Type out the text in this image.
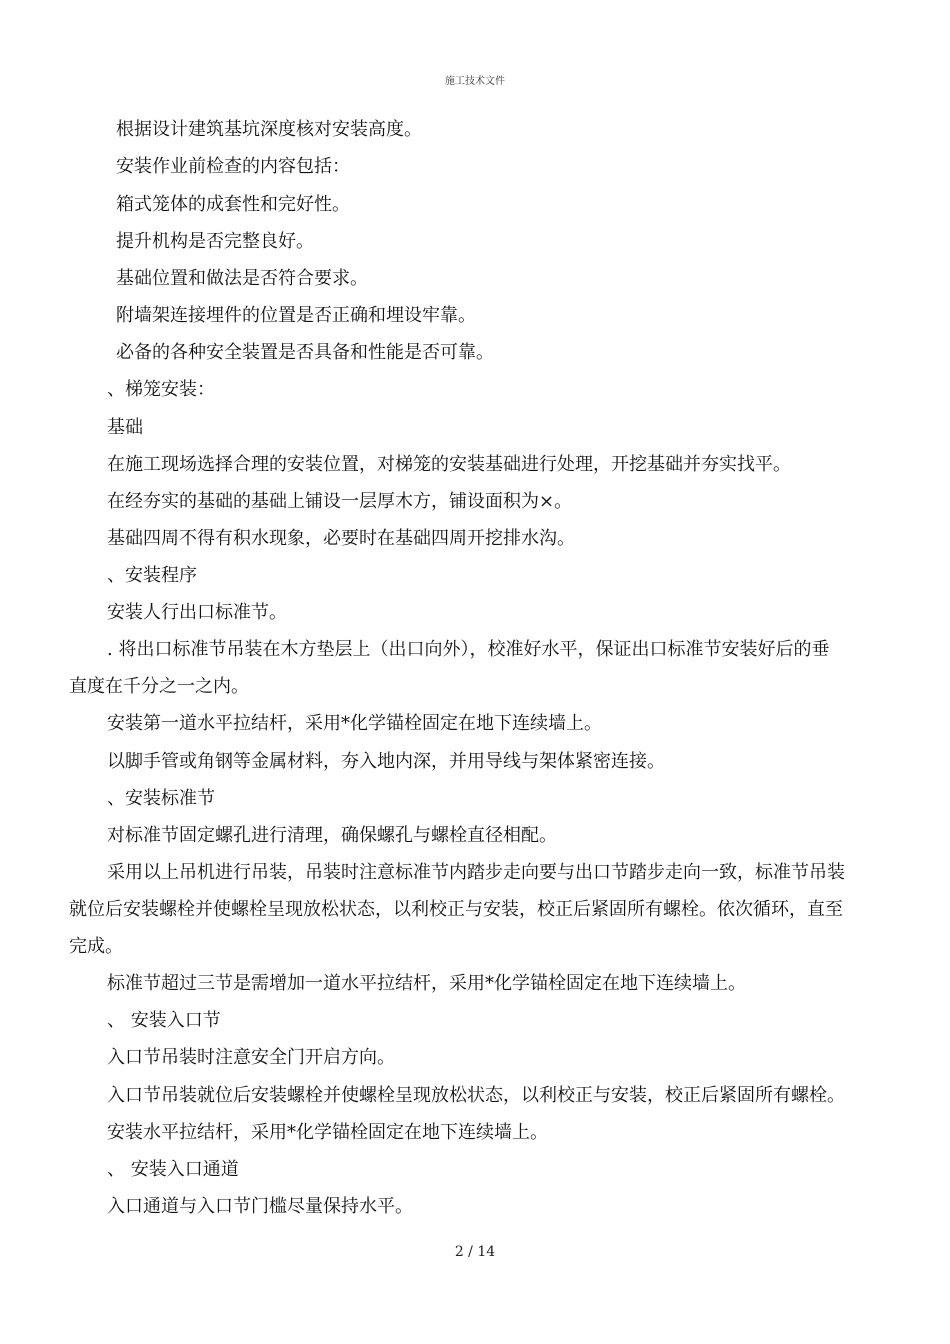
施工技术文件
根据设计建筑基坑深度核对安装高度。
安装作业前检查的内容包括：
箱式笼体的成套性和完好性。
提升机构是否完整良好。
基础位置和做法是否符合要求。
附墙架连接埋件的位置是否正确和埋设牢靠。
必备的各种安全装置是否具备和性能是否可靠。
、梯笼安装：
基础
在施工现场选择合理的安装位置，对梯笼的安装基础进行处理，开挖基础并夯实找平。
在经夯实的基础的基础上铺设一层厚木方，铺设面积为×。
基础四周不得有积水现象，必要时在基础四周开挖排水沟。
、安装程序
安装人行出口标准节。
. 将出口标准节吊装在木方垫层上（出口向外），校准好水平，保证出口标准节安装好后的垂
直度在千分之一之内。
安装第一道水平拉结杆，采用*化学锚栓固定在地下连续墙上。
以脚手管或角钢等金属材料，夯入地内深，并用导线与架体紧密连接。
、安装标准节
对标准节固定螺孔进行清理，确保螺孔与螺栓直径相配。
采用以上吊机进行吊装，吊装时注意标准节内踏步走向要与出口节踏步走向一致，标准节吊装
就位后安装螺栓并使螺栓呈现放松状态，以利校正与安装，校正后紧固所有螺栓。依次循环，直至
完成。
标准节超过三节是需增加一道水平拉结杆，采用*化学锚栓固定在地下连续墙上。
、 安装入口节
入口节吊装时注意安全门开启方向。
入口节吊装就位后安装螺栓并使螺栓呈现放松状态，以利校正与安装，校正后紧固所有螺栓。
安装水平拉结杆，采用*化学锚栓固定在地下连续墙上。
、 安装入口通道
入口通道与入口节门槛尽量保持水平。
2 / 14
